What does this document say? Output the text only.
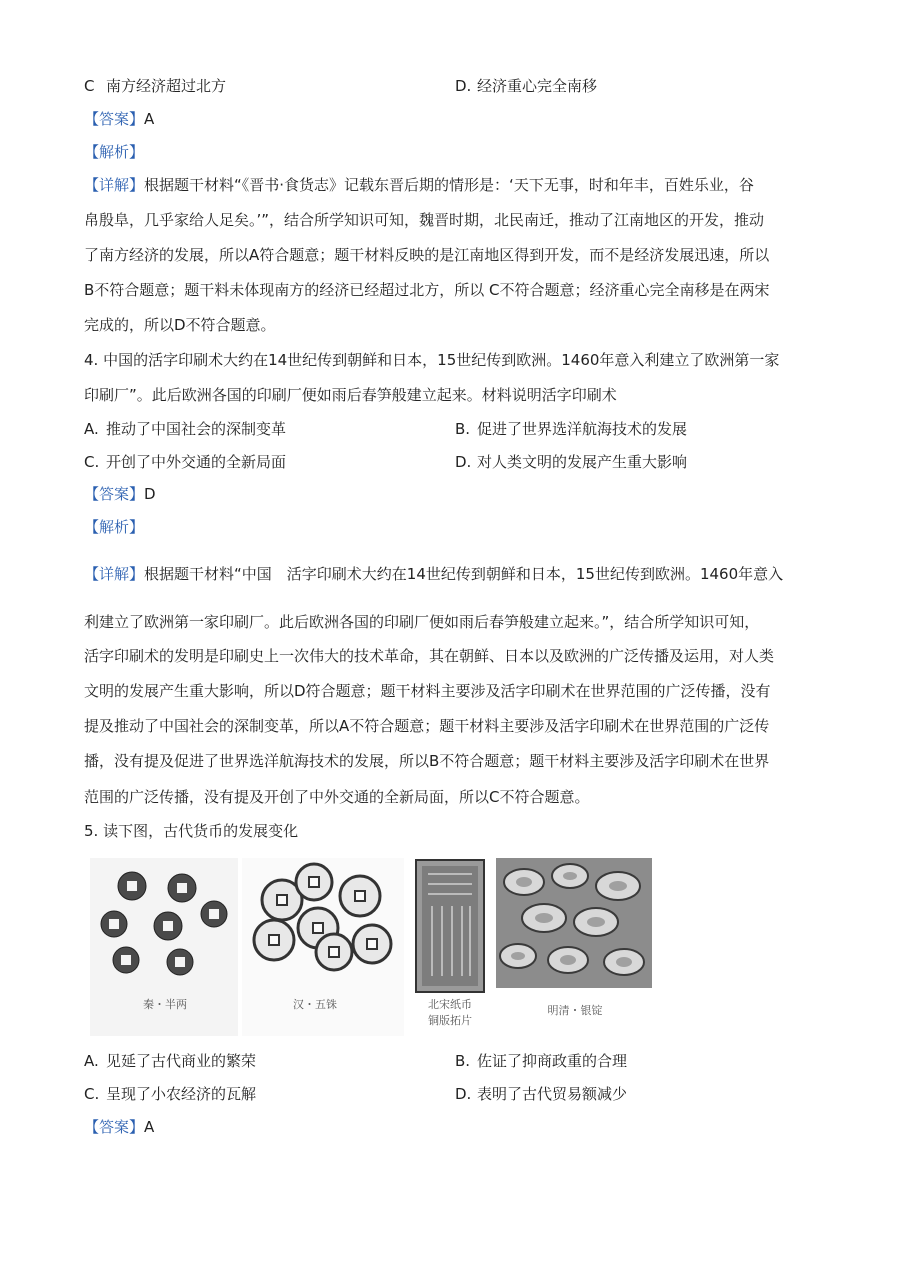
C 南方经济超过北方	D. 经济重心完全南移
【答案】A
【解析】
【详解】根据题干材料“《晋书·食货志》记载东晋后期的情形是：‘天下无事，时和年丰，百姓乐业，谷
帛殷阜，几乎家给人足矣。’”，结合所学知识可知，魏晋时期，北民南迁，推动了江南地区的开发，推动
了南方经济的发展，所以A符合题意；题干材料反映的是江南地区得到开发，而不是经济发展迅速，所以
B不符合题意；题干料未体现南方的经济已经超过北方，所以 C不符合题意；经济重心完全南移是在两宋
完成的，所以D不符合题意。
4. 中国的活字印刷术大约在14世纪传到朝鲜和日本，15世纪传到欧洲。1460年意入利建立了欧洲第一家
印刷厂”。此后欧洲各国的印刷厂便如雨后春笋般建立起来。材料说明活字印刷术
A. 推动了中国社会的深制变革	B. 促进了世界选洋航海技术的发展
C. 开创了中外交通的全新局面	D. 对人类文明的发展产生重大影响
【答案】D
【解析】
【详解】根据题干材料“中国　活字印刷术大约在14世纪传到朝鲜和日本，15世纪传到欧洲。1460年意入
利建立了欧洲第一家印刷厂。此后欧洲各国的印刷厂便如雨后春笋般建立起来。”，结合所学知识可知，
活字印刷术的发明是印刷史上一次伟大的技术革命，其在朝鲜、日本以及欧洲的广泛传播及运用，对人类
文明的发展产生重大影响，所以D符合题意；题干材料主要涉及活字印刷术在世界范围的广泛传播，没有
提及推动了中国社会的深制变革，所以A不符合题意；题干材料主要涉及活字印刷术在世界范围的广泛传
播，没有提及促进了世界选洋航海技术的发展，所以B不符合题意；题干材料主要涉及活字印刷术在世界
范围的广泛传播，没有提及开创了中外交通的全新局面，所以C不符合题意。
5. 读下图，古代货币的发展变化
秦・半两	汉・五铢	北宋纸币
铜版拓片
明清・银锭
A. 见延了古代商业的繁荣	B. 佐证了抑商政重的合理
C. 呈现了小农经济的瓦解	D. 表明了古代贸易额减少
【答案】A
